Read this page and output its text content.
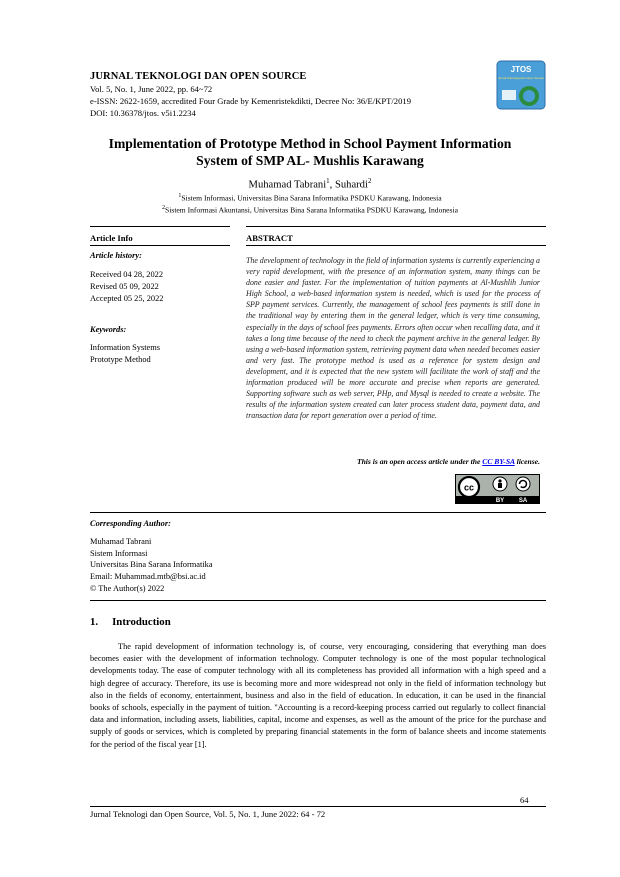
JURNAL TEKNOLOGI DAN OPEN SOURCE
Vol. 5, No. 1, June 2022, pp. 64~72
e-ISSN: 2622-1659, accredited Four Grade by Kemenristekdikti, Decree No: 36/E/KPT/2019
DOI: 10.36378/jtos. v5i1.2234
JTOS
Jurnal Teknologi dan Open Source
Implementation of Prototype Method in School Payment Information
System of SMP AL- Mushlis Karawang
Muhamad Tabrani$^1$, Suhardi$^2$
$^1$Sistem Informasi, Universitas Bina Sarana Informatika PSDKU Karawang, Indonesia
$^2$Sistem Informasi Akuntansi, Universitas Bina Sarana Informatika PSDKU Karawang, Indonesia
Article Info
Article history:
Received 04 28, 2022
Revised 05 09, 2022
Accepted 05 25, 2022
Keywords:
Information Systems
Prototype Method
ABSTRACT
The development of technology in the field of information systems is currently experiencing a very rapid development, with the presence of an information system, many things can be done easier and faster. For the implementation of tuition payments at Al-Mushlih Junior High School, a web-based information system is needed, which is used for the process of SPP payment services. Currently, the management of school fees payments is still done in the traditional way by entering them in the general ledger, which is very time consuming, especially in the days of school fees payments. Errors often occur when recalling data, and it takes a long time because of the need to check the payment archive in the general ledger. By using a web-based information system, retrieving payment data when needed becomes easier and very fast. The prototype method is used as a reference for system design and development, and it is expected that the new system will facilitate the work of staff and the information produced will be more accurate and precise when reports are generated. Supporting software such as web server, PHp, and Mysql is needed to create a website. The results of the information system created can later process student data, payment data, and transaction data for report generation over a period of time.
This is an open access article under the CC BY-SA license.
cc
BY SA
Corresponding Author:
Muhamad Tabrani
Sistem Informasi
Universitas Bina Sarana Informatika
Email: Muhammad.mtb@bsi.ac.id
© The Author(s) 2022
1. Introduction
The rapid development of information technology is, of course, very encouraging, considering that everything man does becomes easier with the development of information technology. Computer technology is one of the most popular technological developments today. The ease of computer technology with all its completeness has provided all information with a high speed and a high degree of accuracy. Therefore, its use is becoming more and more widespread not only in the field of information technology but also in the fields of economy, entertainment, business and also in the field of education. In education, it can be used in the financial books of schools, especially in the payment of tuition. "Accounting is a record-keeping process carried out regularly to collect financial data and information, including assets, liabilities, capital, income and expenses, as well as the amount of the price for the purchase and supply of goods or services, which is completed by preparing financial statements in the form of balance sheets and income statements for the period of the fiscal year [1].
64
Jurnal Teknologi dan Open Source, Vol. 5, No. 1, June 2022: 64 - 72
